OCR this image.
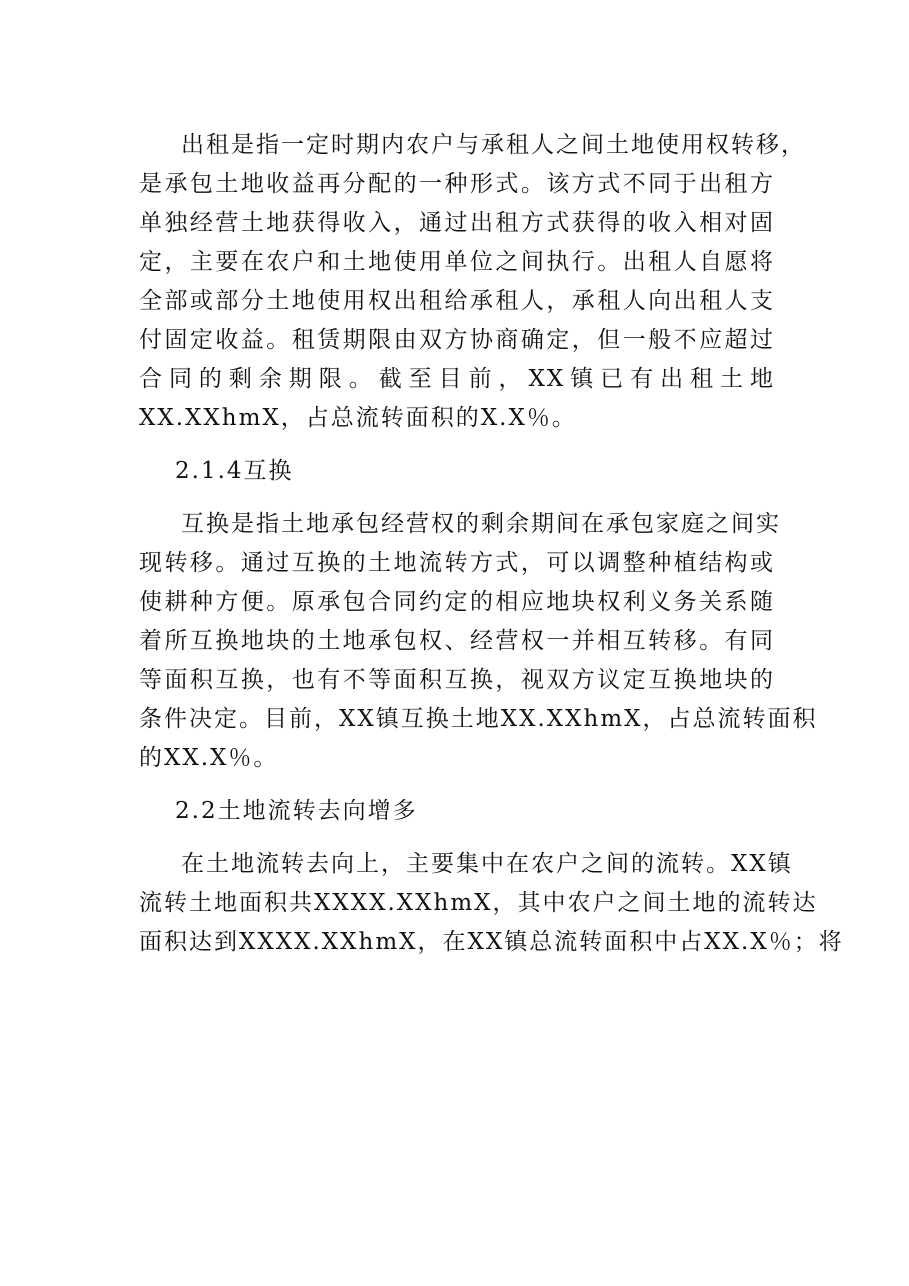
出租是指一定时期内农户与承租人之间土地使用权转移，
是承包土地收益再分配的一种形式。该方式不同于出租方
单独经营土地获得收入，通过出租方式获得的收入相对固
定，主要在农户和土地使用单位之间执行。出租人自愿将
全部或部分土地使用权出租给承租人，承租人向出租人支
付固定收益。租赁期限由双方协商确定，但一般不应超过
合同的剩余期限。截至目前，XX镇已有出租土地
XX.XXhmX，占总流转面积的X.X％。
2.1.4互换
互换是指土地承包经营权的剩余期间在承包家庭之间实
现转移。通过互换的土地流转方式，可以调整种植结构或
使耕种方便。原承包合同约定的相应地块权利义务关系随
着所互换地块的土地承包权、经营权一并相互转移。有同
等面积互换，也有不等面积互换，视双方议定互换地块的
条件决定。目前，XX镇互换土地XX.XXhmX，占总流转面积
的XX.X％。
2.2土地流转去向增多
在土地流转去向上，主要集中在农户之间的流转。XX镇
流转土地面积共XXXX.XXhmX，其中农户之间土地的流转达
面积达到XXXX.XXhmX，在XX镇总流转面积中占XX.X％；将
